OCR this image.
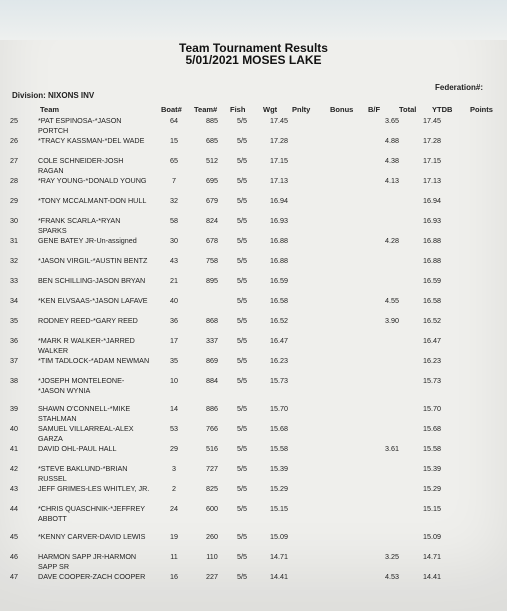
Team Tournament Results
5/01/2021 MOSES LAKE
Division: NIXONS INV
Federation#:
Team	Boat# Team# Fish Wgt Pnlty	Bonus B/F	Total YTDB Points
25	*PAT ESPINOSA-*JASON PORTCH	64	885	5/5	17.45			3.65	17.45		
26	*TRACY KASSMAN-*DEL WADE	15	685	5/5	17.28			4.88	17.28		
27	COLE SCHNEIDER-JOSH RAGAN	65	512	5/5	17.15			4.38	17.15		
28	*RAY YOUNG-*DONALD YOUNG	7	695	5/5	17.13			4.13	17.13		
29	*TONY MCCALMANT-DON HULL	32	679	5/5	16.94				16.94		
30	*FRANK SCARLA-*RYAN SPARKS	58	824	5/5	16.93				16.93		
31	GENE BATEY JR-Un-assigned	30	678	5/5	16.88			4.28	16.88		
32	*JASON VIRGIL-*AUSTIN BENTZ	43	758	5/5	16.88				16.88		
33	BEN SCHILLING-JASON BRYAN	21	895	5/5	16.59				16.59		
34	*KEN ELVSAAS-*JASON LAFAVE	40		5/5	16.58			4.55	16.58		
35	RODNEY REED-*GARY REED	36	868	5/5	16.52			3.90	16.52		
36	*MARK R WALKER-*JARRED WALKER	17	337	5/5	16.47				16.47		
37	*TIM TADLOCK-*ADAM NEWMAN	35	869	5/5	16.23				16.23		
38	*JOSEPH MONTELEONE-*JASON WYNIA	10	884	5/5	15.73				15.73		
39	SHAWN O'CONNELL-*MIKE STAHLMAN	14	886	5/5	15.70				15.70		
40	SAMUEL VILLARREAL-ALEX GARZA	53	766	5/5	15.68				15.68		
41	DAVID OHL-PAUL HALL	29	516	5/5	15.58			3.61	15.58		
42	*STEVE BAKLUND-*BRIAN RUSSEL	3	727	5/5	15.39				15.39		
43	JEFF GRIMES-LES WHITLEY, JR.	2	825	5/5	15.29				15.29		
44	*CHRIS QUASCHNIK-*JEFFREY ABBOTT	24	600	5/5	15.15				15.15		
45	*KENNY CARVER-DAVID LEWIS	19	260	5/5	15.09				15.09		
46	HARMON SAPP JR-HARMON SAPP SR	11	110	5/5	14.71			3.25	14.71		
47	DAVE COOPER-ZACH COOPER	16	227	5/5	14.41			4.53	14.41		
